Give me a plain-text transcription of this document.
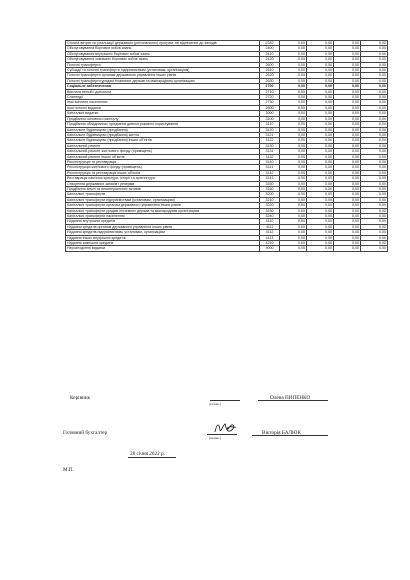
Оплата витрат по реалізації державних (регіональних) програм, не віднесених до заходів	2282	0,00	0,00	0,00	0,00
Обслуговування боргових зобов`язань	2400	0,00	0,00	0,00	0,00
Обслуговування внутрішніх боргових зобов`язань	2410	0,00	0,00	0,00	0,00
Обслуговування зовнішніх боргових зобов`язань	2420	0,00	0,00	0,00	0,00
Поточні трансферти	2600	0,00	0,00	0,00	0,00
Субсидії та поточні трансферти підприємствам (установам, організаціям)	2610	0,00	0,00	0,00	0,00
Поточні трансферти органам державного управління інших рівнів	2620	0,00	0,00	0,00	0,00
Поточні трансферти урядам іноземних держав та міжнародним організаціям	2630	0,00	0,00	0,00	0,00
Соціальне забезпечення	2700	0,00	0,00	0,00	0,00
Виплата пенсій і допомоги	2710	0,00	0,00	0,00	0,00
Стипендії	2720	0,00	0,00	0,00	0,00
Інші виплати населенню	2730	0,00	0,00	0,00	0,00
Інші поточні видатки	2800	0,00	0,00	0,00	0,00
Капітальні видатки	3000	0,00	0,00	0,00	0,00
Придбання основного капіталу	3100	0,00	0,00	0,00	0,00
Придбання обладнання і предметів довгострокового користування	3110	0,00	0,00	0,00	0,00
Капітальне будівництво (придбання)	3120	0,00	0,00	0,00	0,00
Капітальне будівництво (придбання) житла	3121	0,00	0,00	0,00	0,00
Капітальне будівництво (придбання) інших об'єктів	3122	0,00	0,00	0,00	0,00
Капітальний ремонт	3130	0,00	0,00	0,00	0,00
Капітальний ремонт житлового фонду (приміщень)	3131	0,00	0,00	0,00	0,00
Капітальний ремонт інших об'єктів	3132	0,00	0,00	0,00	0,00
Реконструкція та реставрація	3140	0,00	0,00	0,00	0,00
Реконструкція житлового фонду (приміщень)	3141	0,00	0,00	0,00	0,00
Реконструкція та реставрація інших об'єктів	3142	0,00	0,00	0,00	0,00
Реставрація пам'яток культури, історії та архітектури	3143	0,00	0,00	0,00	0,00
Створення державних запасів і резервів	3150	0,00	0,00	0,00	0,00
Придбання землі та нематеріальних активів	3160	0,00	0,00	0,00	0,00
Капітальні трансферти	3200	0,00	0,00	0,00	0,00
Капітальні трансферти підприємствам (установам, організаціям)	3210	0,00	0,00	0,00	0,00
Капітальні трансферти органам державного управління інших рівнів	3220	0,00	0,00	0,00	0,00
Капітальні трансферти урядам іноземних держав та міжнародним організаціям	3230	0,00	0,00	0,00	0,00
Капітальні трансферти населенню	3240	0,00	0,00	0,00	0,00
Надання внутрішніх кредитів	4110	0,00	0,00	0,00	0,00
Надання кредитів органам державного управління інших рівнів	4111	0,00	0,00	0,00	0,00
Надання кредитів підприємствам, установам, організаціям	4112	0,00	0,00	0,00	0,00
Надання інших внутрішніх кредитів	4113	0,00	0,00	0,00	0,00
Надання зовнішніх кредитів	4210	0,00	0,00	0,00	0,00
Нерозподілені видатки	9000	0,00	0,00	0,00	0,00
Керівник
(підпис)
Олена ПИПЕНКО
Головний бухгалтер
(підпис)
Вікторія БАЛЮК
28 січня 2022 р.
М.П.
